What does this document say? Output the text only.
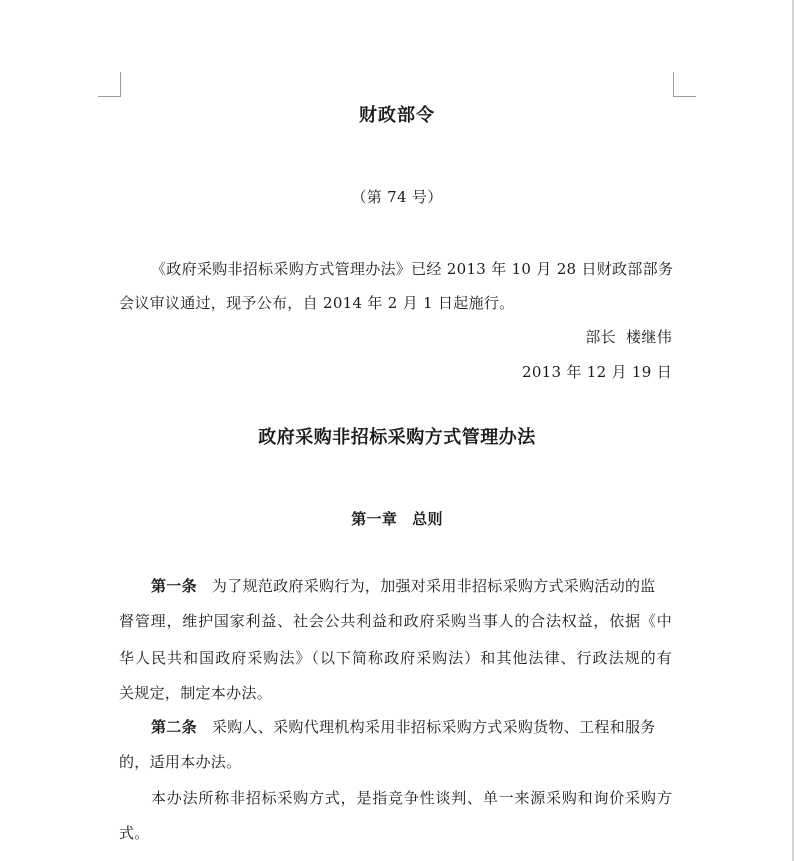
财政部令
（第 74 号）
《政府采购非招标采购方式管理办法》已经 2013 年 10 月 28 日财政部部务
会议审议通过，现予公布，自 2014 年 2 月 1 日起施行。
部长  楼继伟
2013 年 12 月 19 日
政府采购非招标采购方式管理办法
第一章 总则
第一条 为了规范政府采购行为，加强对采用非招标采购方式采购活动的监
督管理，维护国家利益、社会公共利益和政府采购当事人的合法权益，依据《中
华人民共和国政府采购法》（以下简称政府采购法）和其他法律、行政法规的有
关规定，制定本办法。
第二条 采购人、采购代理机构采用非招标采购方式采购货物、工程和服务
的，适用本办法。
本办法所称非招标采购方式，是指竞争性谈判、单一来源采购和询价采购方
式。
